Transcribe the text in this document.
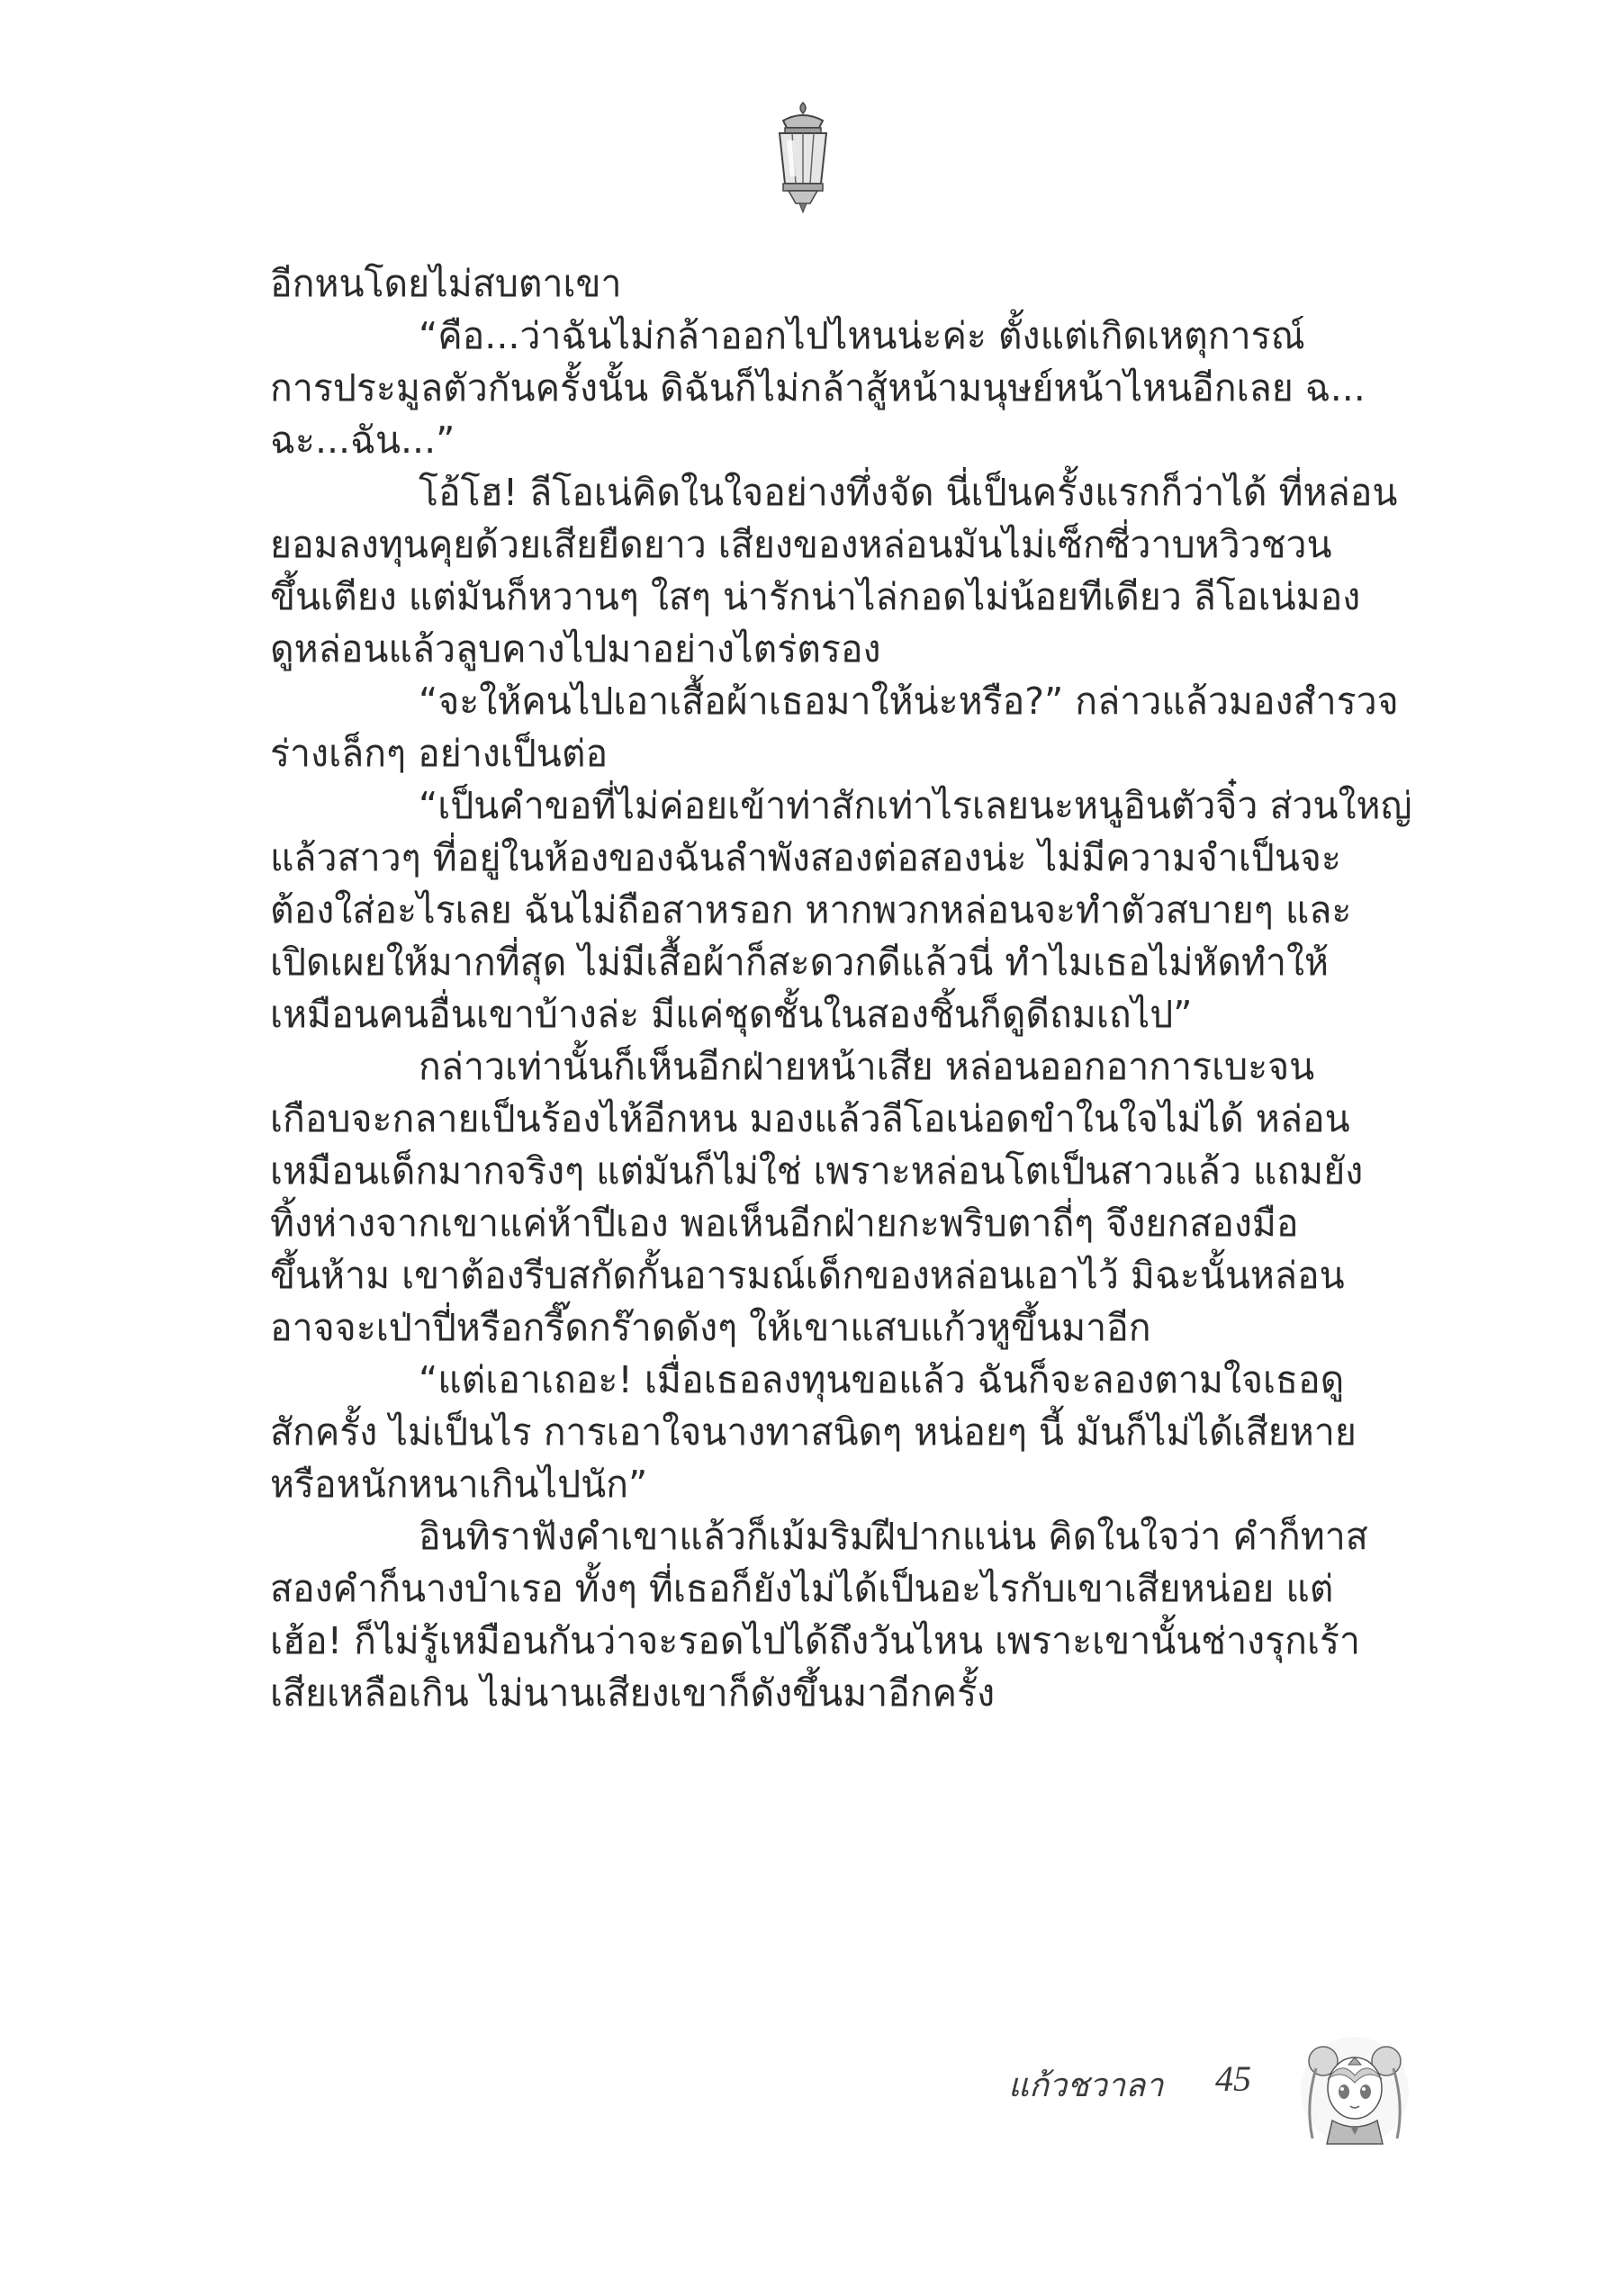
อีกหนโดยไม่สบตาเขา

“คือ...ว่าฉันไม่กล้าออกไปไหนน่ะค่ะ ตั้งแต่เกิดเหตุการณ์

การประมูลตัวกันครั้งนั้น ดิฉันก็ไม่กล้าสู้หน้ามนุษย์หน้าไหนอีกเลย ฉ...

ฉะ...ฉัน...”

โอ้โฮ! ลีโอเน่คิดในใจอย่างทึ่งจัด นี่เป็นครั้งแรกก็ว่าได้ ที่หล่อน

ยอมลงทุนคุยด้วยเสียยืดยาว เสียงของหล่อนมันไม่เซ็กซี่วาบหวิวชวน

ขึ้นเตียง แต่มันก็หวานๆ ใสๆ น่ารักน่าไล่กอดไม่น้อยทีเดียว ลีโอเน่มอง

ดูหล่อนแล้วลูบคางไปมาอย่างไตร่ตรอง

“จะให้คนไปเอาเสื้อผ้าเธอมาให้น่ะหรือ?” กล่าวแล้วมองสำรวจ

ร่างเล็กๆ อย่างเป็นต่อ

“เป็นคำขอที่ไม่ค่อยเข้าท่าสักเท่าไรเลยนะหนูอินตัวจิ๋ว ส่วนใหญ่

แล้วสาวๆ ที่อยู่ในห้องของฉันลำพังสองต่อสองน่ะ ไม่มีความจำเป็นจะ

ต้องใส่อะไรเลย ฉันไม่ถือสาหรอก หากพวกหล่อนจะทำตัวสบายๆ และ

เปิดเผยให้มากที่สุด ไม่มีเสื้อผ้าก็สะดวกดีแล้วนี่ ทำไมเธอไม่หัดทำให้

เหมือนคนอื่นเขาบ้างล่ะ มีแค่ชุดชั้นในสองชิ้นก็ดูดีถมเถไป”

กล่าวเท่านั้นก็เห็นอีกฝ่ายหน้าเสีย หล่อนออกอาการเบะจน

เกือบจะกลายเป็นร้องไห้อีกหน มองแล้วลีโอเน่อดขำในใจไม่ได้ หล่อน

เหมือนเด็กมากจริงๆ แต่มันก็ไม่ใช่ เพราะหล่อนโตเป็นสาวแล้ว แถมยัง

ทิ้งห่างจากเขาแค่ห้าปีเอง พอเห็นอีกฝ่ายกะพริบตาถี่ๆ จึงยกสองมือ

ขึ้นห้าม เขาต้องรีบสกัดกั้นอารมณ์เด็กของหล่อนเอาไว้ มิฉะนั้นหล่อน

อาจจะเป่าปี่หรือกรี๊ดกร๊าดดังๆ ให้เขาแสบแก้วหูขึ้นมาอีก

“แต่เอาเถอะ! เมื่อเธอลงทุนขอแล้ว ฉันก็จะลองตามใจเธอดู

สักครั้ง ไม่เป็นไร การเอาใจนางทาสนิดๆ หน่อยๆ นี้ มันก็ไม่ได้เสียหาย

หรือหนักหนาเกินไปนัก”

อินทิราฟังคำเขาแล้วก็เม้มริมฝีปากแน่น คิดในใจว่า คำก็ทาส

สองคำก็นางบำเรอ ทั้งๆ ที่เธอก็ยังไม่ได้เป็นอะไรกับเขาเสียหน่อย แต่

เฮ้อ! ก็ไม่รู้เหมือนกันว่าจะรอดไปได้ถึงวันไหน เพราะเขานั้นช่างรุกเร้า

เสียเหลือเกิน ไม่นานเสียงเขาก็ดังขึ้นมาอีกครั้ง

แก้วชวาลา 45
